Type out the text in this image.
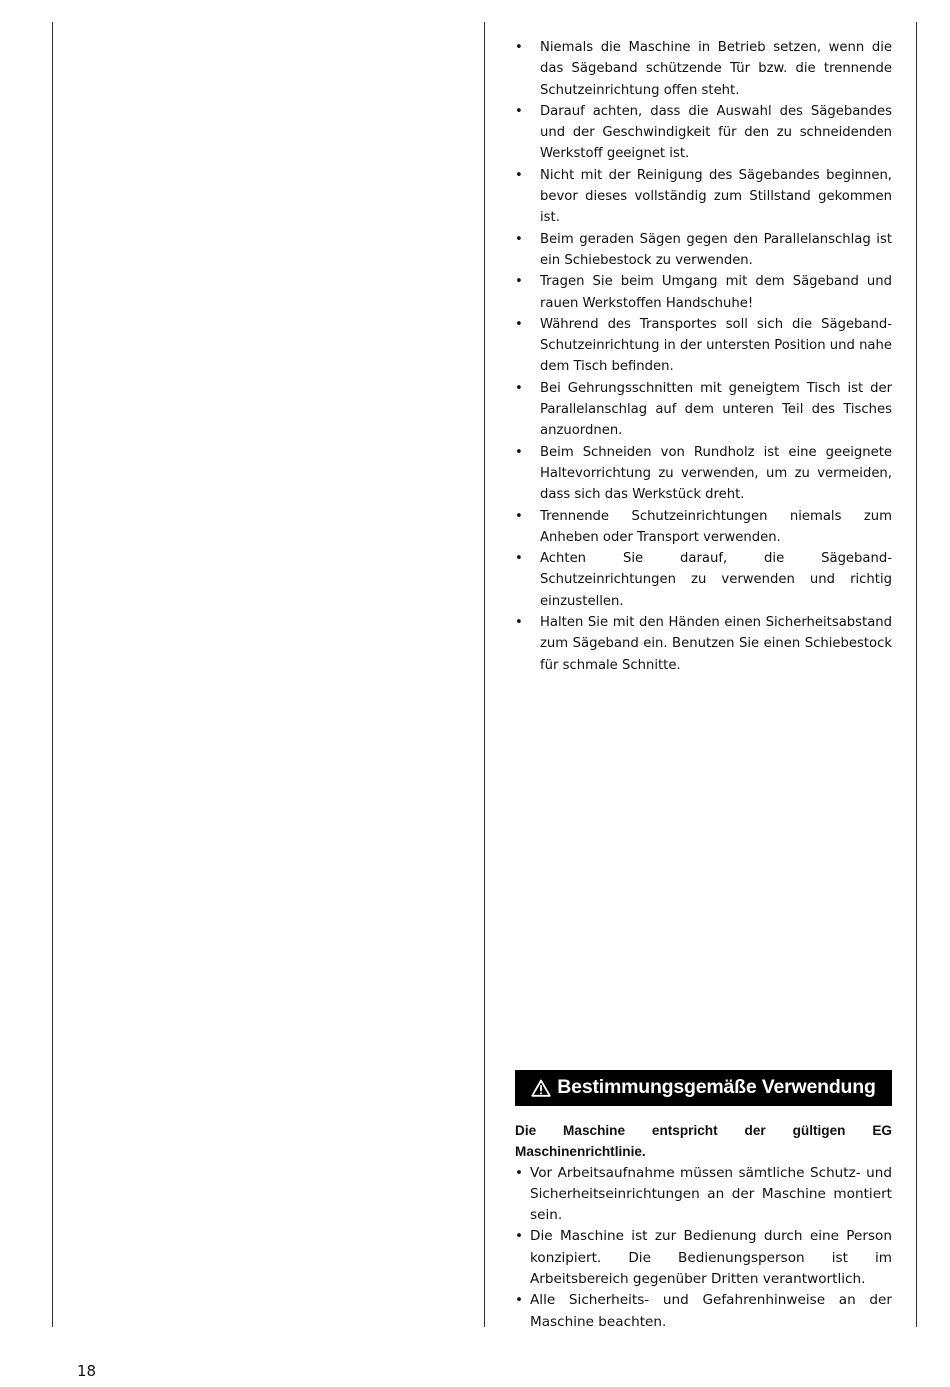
• Niemals die Maschine in Betrieb setzen, wenn die das Sägeband schützende Tür bzw. die trennende Schutzeinrichtung offen steht.
• Darauf achten, dass die Auswahl des Sägebandes und der Geschwindigkeit für den zu schneidenden Werkstoff geeignet ist.
• Nicht mit der Reinigung des Sägebandes beginnen, bevor dieses vollständig zum Stillstand gekommen ist.
• Beim geraden Sägen gegen den Parallelanschlag ist ein Schiebestock zu verwenden.
• Tragen Sie beim Umgang mit dem Sägeband und rauen Werkstoffen Handschuhe!
• Während des Transportes soll sich die Sägeband-Schutzeinrichtung in der untersten Position und nahe dem Tisch befinden.
• Bei Gehrungsschnitten mit geneigtem Tisch ist der Parallelanschlag auf dem unteren Teil des Tisches anzuordnen.
• Beim Schneiden von Rundholz ist eine geeignete Haltevorrichtung zu verwenden, um zu vermeiden, dass sich das Werkstück dreht.
• Trennende Schutzeinrichtungen niemals zum Anheben oder Transport verwenden.
• Achten Sie darauf, die Sägeband- Schutzeinrichtungen zu verwenden und richtig einzustellen.
• Halten Sie mit den Händen einen Sicherheitsabstand zum Sägeband ein. Benutzen Sie einen Schiebestock für schmale Schnitte.
Bestimmungsgemäße Verwendung
Die Maschine entspricht der gültigen EG Maschinenrichtlinie.
• Vor Arbeitsaufnahme müssen sämtliche Schutz- und Sicherheitseinrichtungen an der Maschine montiert sein.
• Die Maschine ist zur Bedienung durch eine Person konzipiert. Die Bedienungsperson ist im Arbeitsbereich gegenüber Dritten verantwortlich.
• Alle Sicherheits- und Gefahrenhinweise an der Maschine beachten.
18
